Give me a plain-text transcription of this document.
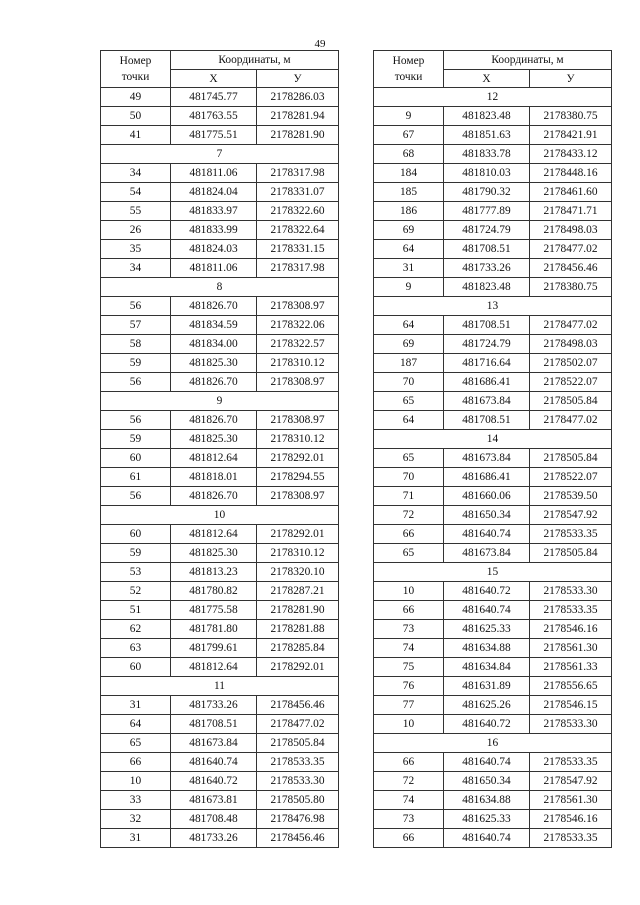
49
Номер
точки	Координаты, м	
	Х	У
49	481745.77	2178286.03
50	481763.55	2178281.94
41	481775.51	2178281.90
7		
34	481811.06	2178317.98
54	481824.04	2178331.07
55	481833.97	2178322.60
26	481833.99	2178322.64
35	481824.03	2178331.15
34	481811.06	2178317.98
8		
56	481826.70	2178308.97
57	481834.59	2178322.06
58	481834.00	2178322.57
59	481825.30	2178310.12
56	481826.70	2178308.97
9		
56	481826.70	2178308.97
59	481825.30	2178310.12
60	481812.64	2178292.01
61	481818.01	2178294.55
56	481826.70	2178308.97
10		
60	481812.64	2178292.01
59	481825.30	2178310.12
53	481813.23	2178320.10
52	481780.82	2178287.21
51	481775.58	2178281.90
62	481781.80	2178281.88
63	481799.61	2178285.84
60	481812.64	2178292.01
11		
31	481733.26	2178456.46
64	481708.51	2178477.02
65	481673.84	2178505.84
66	481640.74	2178533.35
10	481640.72	2178533.30
33	481673.81	2178505.80
32	481708.48	2178476.98
31	481733.26	2178456.46
Номер
точки	Координаты, м	
	Х	У
12		
9	481823.48	2178380.75
67	481851.63	2178421.91
68	481833.78	2178433.12
184	481810.03	2178448.16
185	481790.32	2178461.60
186	481777.89	2178471.71
69	481724.79	2178498.03
64	481708.51	2178477.02
31	481733.26	2178456.46
9	481823.48	2178380.75
13		
64	481708.51	2178477.02
69	481724.79	2178498.03
187	481716.64	2178502.07
70	481686.41	2178522.07
65	481673.84	2178505.84
64	481708.51	2178477.02
14		
65	481673.84	2178505.84
70	481686.41	2178522.07
71	481660.06	2178539.50
72	481650.34	2178547.92
66	481640.74	2178533.35
65	481673.84	2178505.84
15		
10	481640.72	2178533.30
66	481640.74	2178533.35
73	481625.33	2178546.16
74	481634.88	2178561.30
75	481634.84	2178561.33
76	481631.89	2178556.65
77	481625.26	2178546.15
10	481640.72	2178533.30
16		
66	481640.74	2178533.35
72	481650.34	2178547.92
74	481634.88	2178561.30
73	481625.33	2178546.16
66	481640.74	2178533.35
